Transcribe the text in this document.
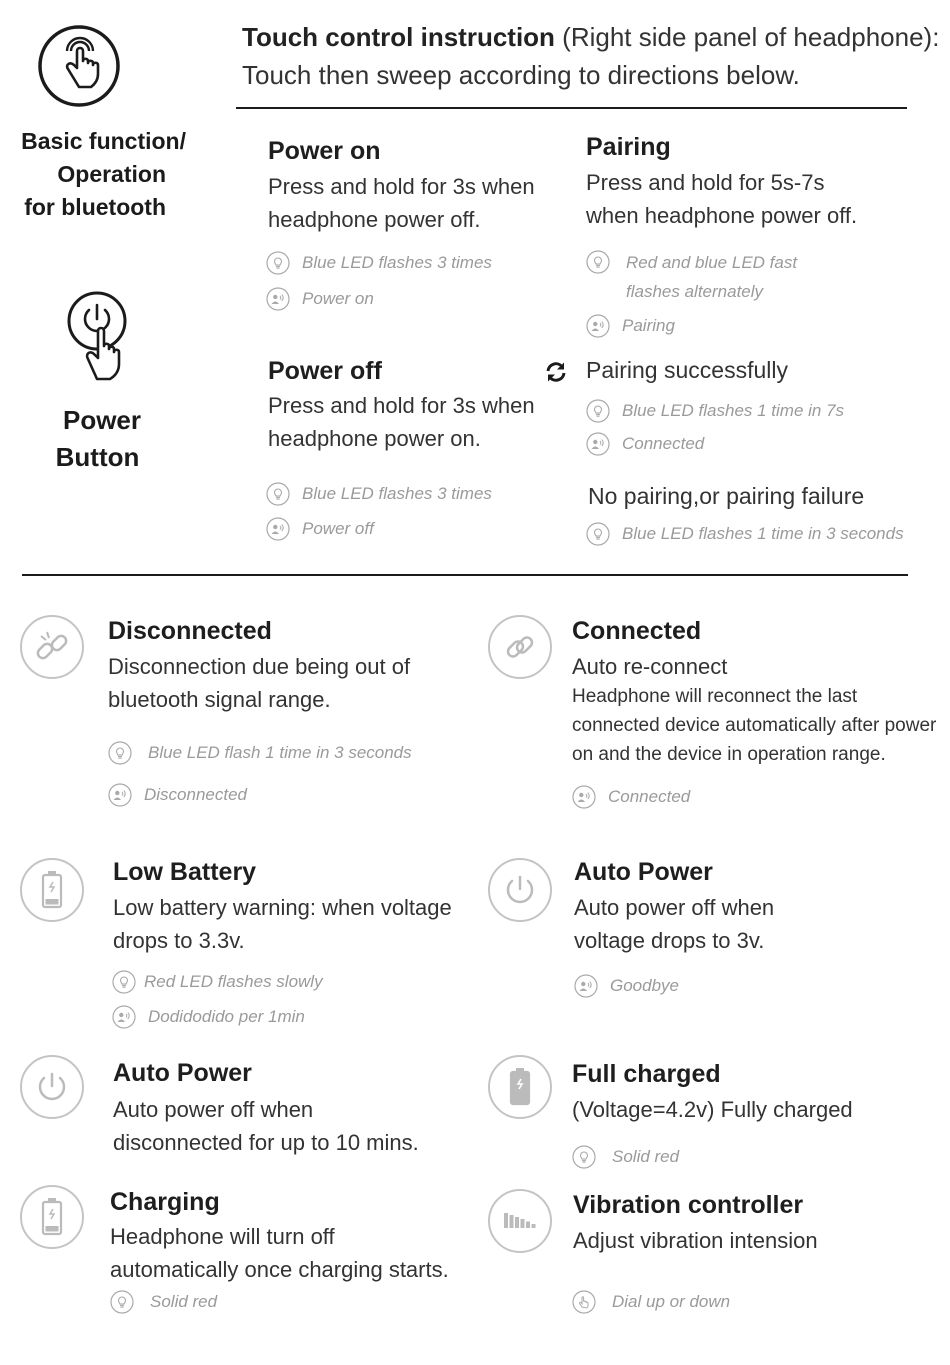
Basic function/
Operation
for bluetooth
Power
Button
Touch control instruction (Right side panel of headphone):
Touch then sweep according to directions below.
Power on
Press and hold for 3s when
headphone power off.
Blue LED flashes 3 times
Power on
Power off
Press and hold for 3s when
headphone power on.
Blue LED flashes 3 times
Power off
Pairing
Press and hold for 5s-7s
when headphone power off.
Red and blue LED fast
flashes alternately
Pairing
Pairing successfully
Blue LED flashes 1 time in 7s
Connected
No pairing,or pairing failure
Blue LED flashes 1 time in 3 seconds
Disconnected
Disconnection due being out of
bluetooth signal range.
Blue LED flash 1 time in 3 seconds
Disconnected
Connected
Auto re-connect
Headphone will reconnect the last
connected device automatically after power
on and the device in operation range.
Connected
Low Battery
Low battery warning: when voltage
drops to 3.3v.
Red LED flashes slowly
Dodidodido per 1min
Auto Power
Auto power off when
voltage drops to 3v.
Goodbye
Auto Power
Auto power off when
disconnected for up to 10 mins.
Full charged
(Voltage=4.2v) Fully charged
Solid red
Charging
Headphone will turn off
automatically once charging starts.
Solid red
Vibration controller
Adjust vibration intension
Dial up or down
